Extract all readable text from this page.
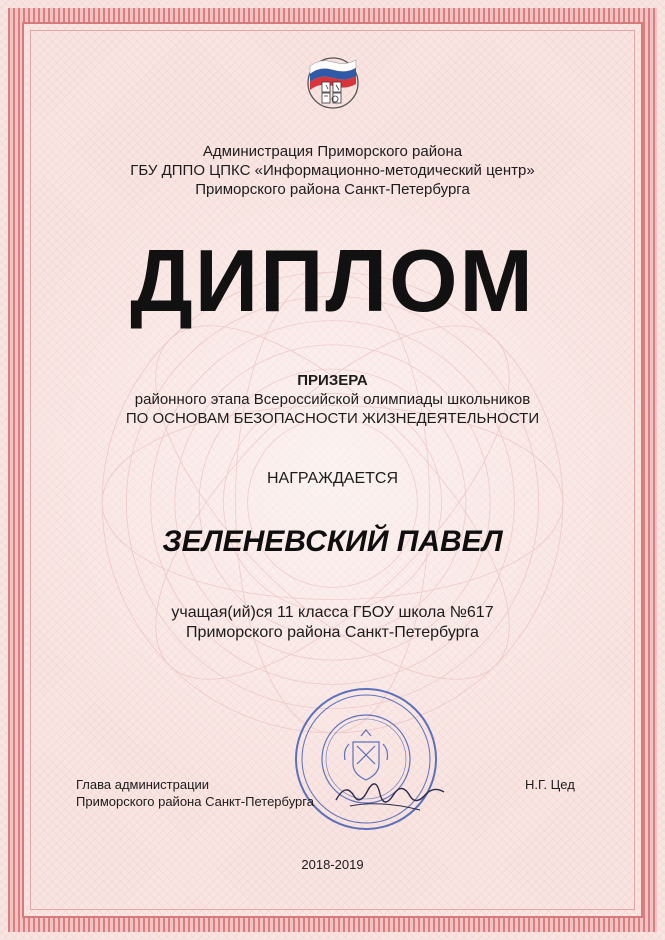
Администрация Приморского района
ГБУ ДППО ЦПКС «Информационно-методический центр»
Приморского района Санкт-Петербурга
ДИПЛОМ
ПРИЗЕРА
районного этапа Всероссийской олимпиады школьников
ПО ОСНОВАМ БЕЗОПАСНОСТИ ЖИЗНЕДЕЯТЕЛЬНОСТИ
НАГРАЖДАЕТСЯ
ЗЕЛЕНЕВСКИЙ ПАВЕЛ
учащая(ий)ся 11 класса ГБОУ школа №617
Приморского района Санкт-Петербурга
Глава администрации
Приморского района Санкт-Петербурга
Н.Г. Цед
2018-2019
